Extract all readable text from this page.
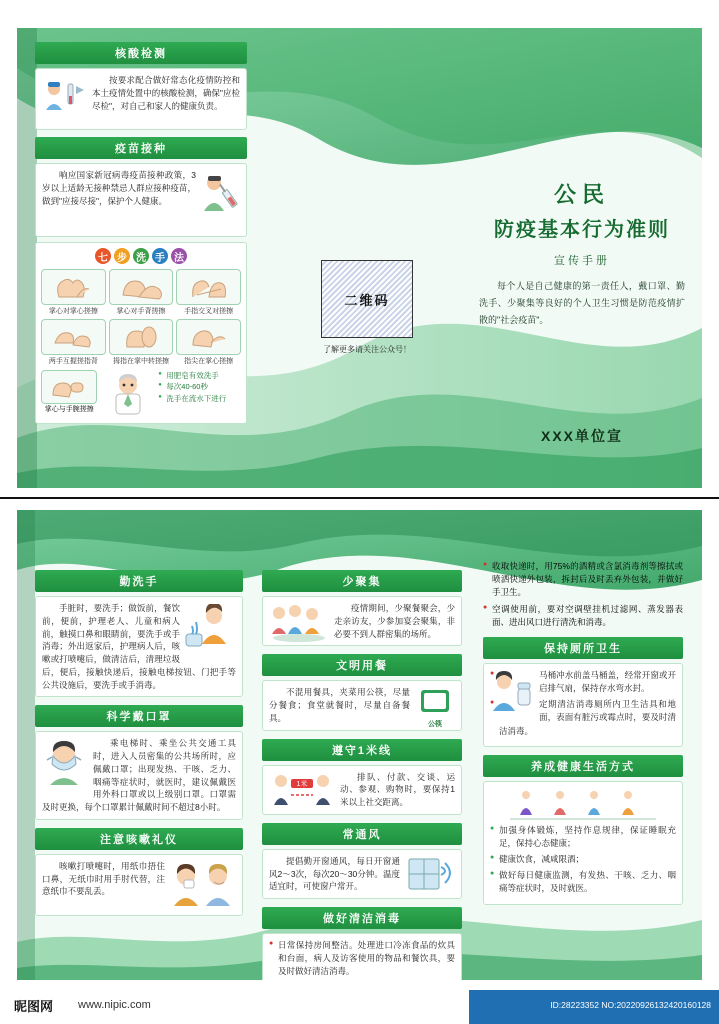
核酸检测

按要求配合做好常态化疫情防控和本土疫情处置中的核酸检测，确保"应检尽检"，对自己和家人的健康负责。

疫苗接种

响应国家新冠病毒疫苗接种政策，3岁以上适龄无接种禁忌人群应接种疫苗，做到"应接尽接"，保护个人健康。

七 步 洗 手 法
掌心对掌心搓擦	掌心对手背搓擦	手指交叉对搓擦
两手互握搓指背	拇指在掌中转搓擦	指尖在掌心搓擦
掌心与手腕搓擦
● 用肥皂有效洗手
● 每次40-60秒
● 洗手在流水下进行
二维码
了解更多请关注公众号！
公民
防疫基本行为准则
宣传手册
每个人是自己健康的第一责任人，戴口罩、勤洗手、少聚集等良好的个人卫生习惯是防范疫情扩散的"社会疫苗"。
XXX单位宣
勤洗手

手脏时，要洗手；做饭前，餐饮前，便前，护理老人、儿童和病人前，触摸口鼻和眼睛前，要洗手或手消毒；外出返家后，护理病人后，咳嗽或打喷嚏后，做清洁后，清理垃圾后，便后，接触快递后，接触电梯按钮、门把手等公共设施后，要洗手或手消毒。

科学戴口罩

乘电梯时、乘坐公共交通工具时，进入人员密集的公共场所时，应佩戴口罩；出现发热、干咳、乏力、咽痛等症状时，就医时，建议佩戴医用外科口罩或以上级别口罩。口罩需及时更换，每个口罩累计佩戴时间不超过8小时。

注意咳嗽礼仪

咳嗽打喷嚏时，用纸巾捂住口鼻，无纸巾时用手肘代替，注意纸巾不要乱丢。

少聚集

疫情期间，少聚餐聚会，少走亲访友，少参加宴会聚集，非必要不到人群密集的场所。

文明用餐
公筷

不混用餐具，夹菜用公筷，尽量分餐食；食堂就餐时，尽量自备餐具。

遵守1米线
1米

排队、付款、交谈、运动、参观、购物时，要保持1米以上社交距离。

常通风

提倡勤开窗通风，每日开窗通风2～3次，每次20～30分钟。温度适宜时，可使窗户常开。

做好清洁消毒
● 日常保持房间整洁。处理进口冷冻食品的炊具和台面，病人及访客使用的物品和餐饮具，要及时做好清洁消毒。
● 收取快递时，用75%的酒精或含氯消毒剂等擦拭或喷洒快递外包装，拆封后及时丢弃外包装，并做好手卫生。
● 空调使用前，要对空调壁挂机过滤网、蒸发器表面、进出风口进行清洗和消毒。
保持厕所卫生
● 马桶冲水前盖马桶盖，经常开窗或开启排气扇，保持存水弯水封。
● 定期清洁消毒厕所内卫生洁具和地面，表面有脏污或霉点时，要及时清洁消毒。
养成健康生活方式
● 加强身体锻炼，坚持作息规律，保证睡眠充足，保持心态健康；
● 健康饮食，减咸限酒；
● 做好每日健康监测，有发热、干咳、乏力、咽痛等症状时，及时就医。
昵图网 www.nipic.com	ID:28223352 NO:20220926132420160128
